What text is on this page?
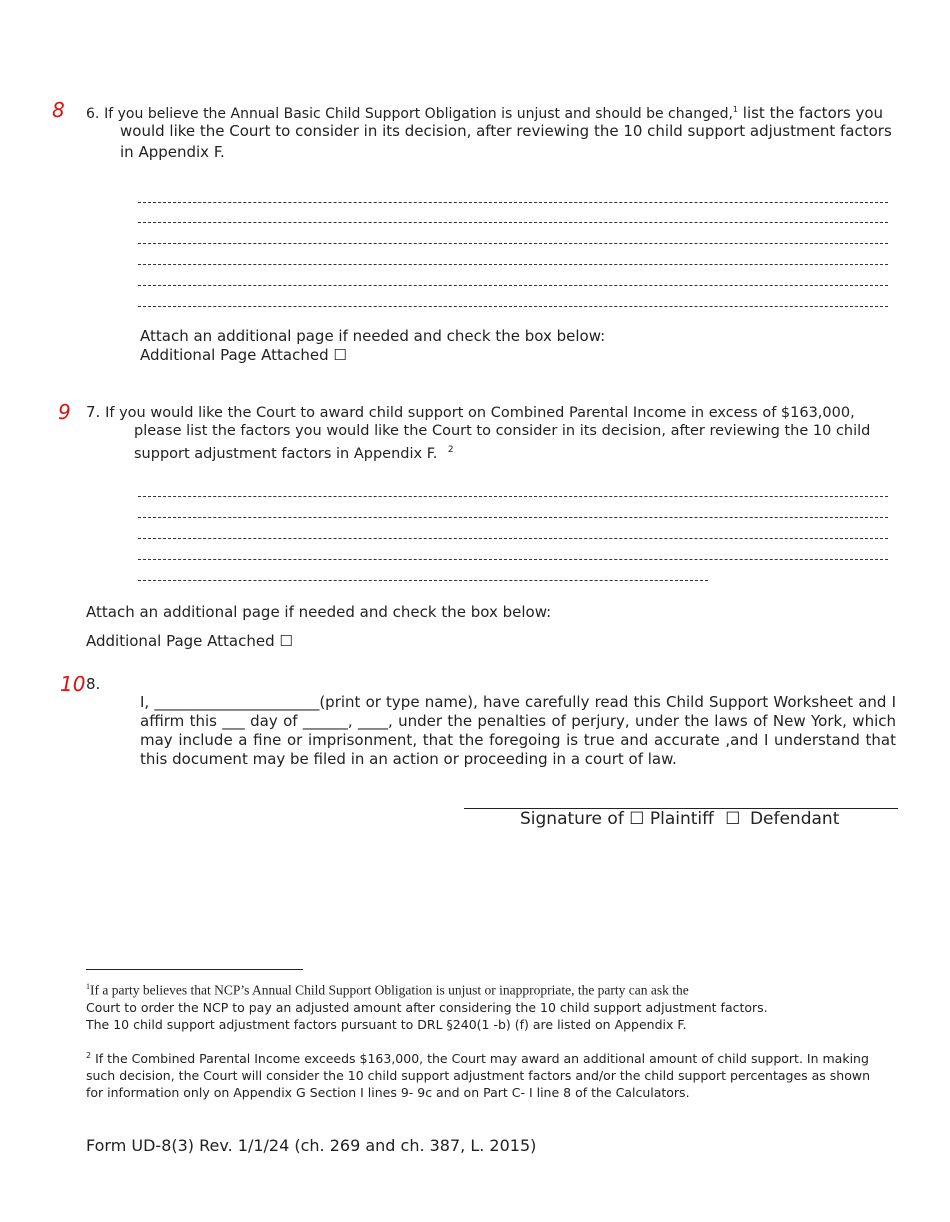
8 6. If you believe the Annual Basic Child Support Obligation is unjust and should be changed,$^1$ list the factors you
would like the Court to consider in its decision, after reviewing the 10 child support adjustment factors
in Appendix F.
Attach an additional page if needed and check the box below:
Additional Page Attached ☐
9 7. If you would like the Court to award child support on Combined Parental Income in excess of $163,000,
please list the factors you would like the Court to consider in its decision, after reviewing the 10 child
support adjustment factors in Appendix F. $^2$
Attach an additional page if needed and check the box below:
Additional Page Attached ☐
10 8.
I, ______________________(print or type name), have carefully read this Child Support Worksheet and I affirm this ___ day of ______, ____, under the penalties of perjury, under the laws of New York, which may include a fine or imprisonment, that the foregoing is true and accurate ,and I understand that this document may be filed in an action or proceeding in a court of law.
Signature of ☐ Plaintiff ☐ Defendant
$^1$If a party believes that NCP’s Annual Child Support Obligation is unjust or inappropriate, the party can ask the
Court to order the NCP to pay an adjusted amount after considering the 10 child support adjustment factors.
The 10 child support adjustment factors pursuant to DRL §240(1 -b) (f) are listed on Appendix F.
$^2$ If the Combined Parental Income exceeds $163,000, the Court may award an additional amount of child support. In making such decision, the Court will consider the 10 child support adjustment factors and/or the child support percentages as shown for information only on Appendix G Section I lines 9- 9c and on Part C- I line 8 of the Calculators.
Form UD-8(3) Rev. 1/1/24 (ch. 269 and ch. 387, L. 2015)
